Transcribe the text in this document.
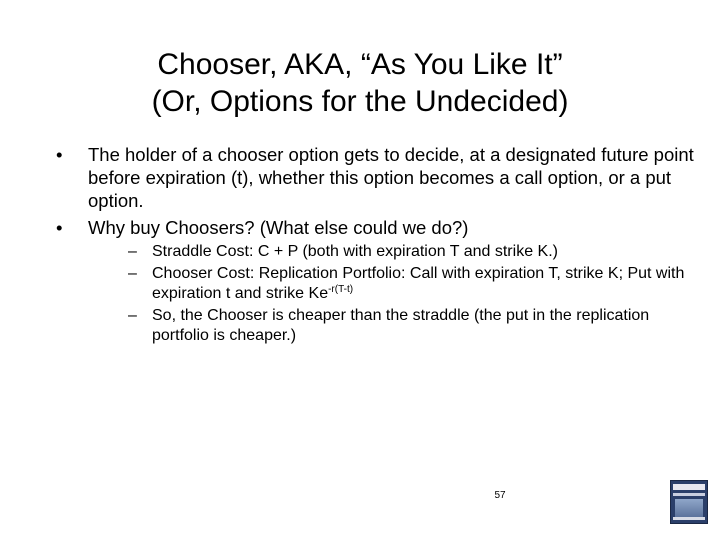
Chooser, AKA, “As You Like It”
(Or, Options for the Undecided)
• The holder of a chooser option gets to decide, at a designated future point before expiration (t), whether this option becomes a call option, or a put option.
• Why buy Choosers? (What else could we do?)
– Straddle Cost: C + P (both with expiration T and strike K.)
– Chooser Cost: Replication Portfolio: Call with expiration T, strike K; Put with expiration t and strike $Ke^{-r(T-t)}$
– So, the Chooser is cheaper than the straddle (the put in the replication portfolio is cheaper.)
57
